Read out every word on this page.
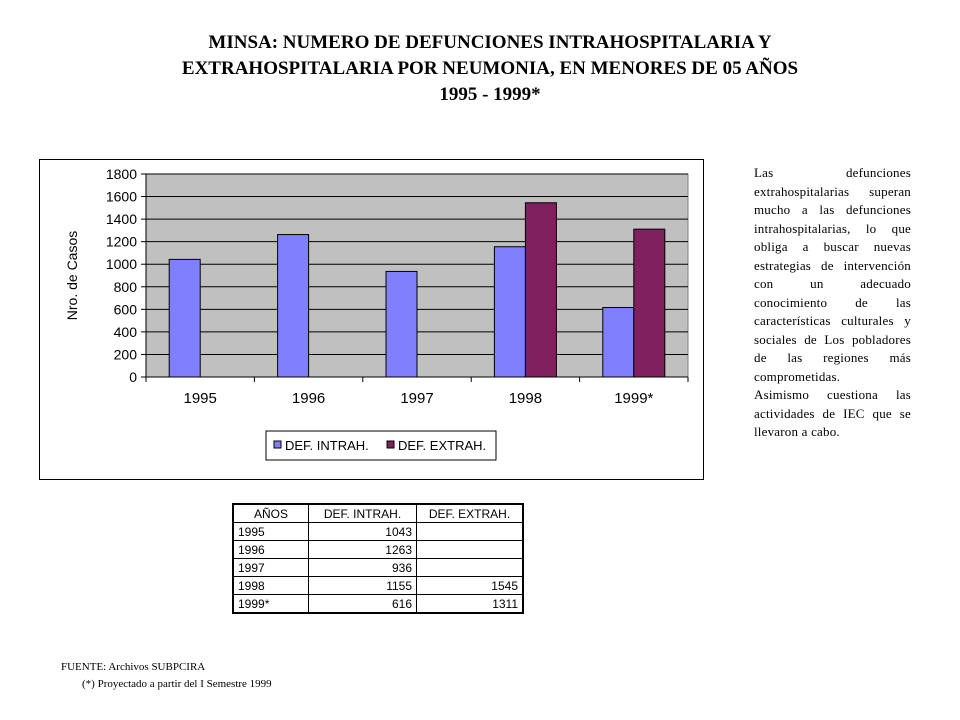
MINSA: NUMERO DE DEFUNCIONES INTRAHOSPITALARIA Y
EXTRAHOSPITALARIA POR NEUMONIA, EN MENORES DE 05 AÑOS
1995 - 1999*
0
200
400
600
800
1000
1200
1400
1600
1800
1995	1996	1997	1998	1999*
Nro. de Casos
DEF. INTRAH. DEF. EXTRAH.
Las defunciones extrahospitalarias superan mucho a las defunciones intrahospitalarias, lo que obliga a buscar nuevas estrategias de intervención con un adecuado conocimiento de las características culturales y sociales de Los pobladores de las regiones más comprometidas.
Asimismo cuestiona las actividades de IEC que se llevaron a cabo.
AÑOS	DEF. INTRAH.	DEF. EXTRAH.
1995	1043	
1996	1263	
1997	936	
1998	1155	1545
1999*	616	1311
FUENTE: Archivos SUBPCIRA
(*) Proyectado a partir del I Semestre 1999
